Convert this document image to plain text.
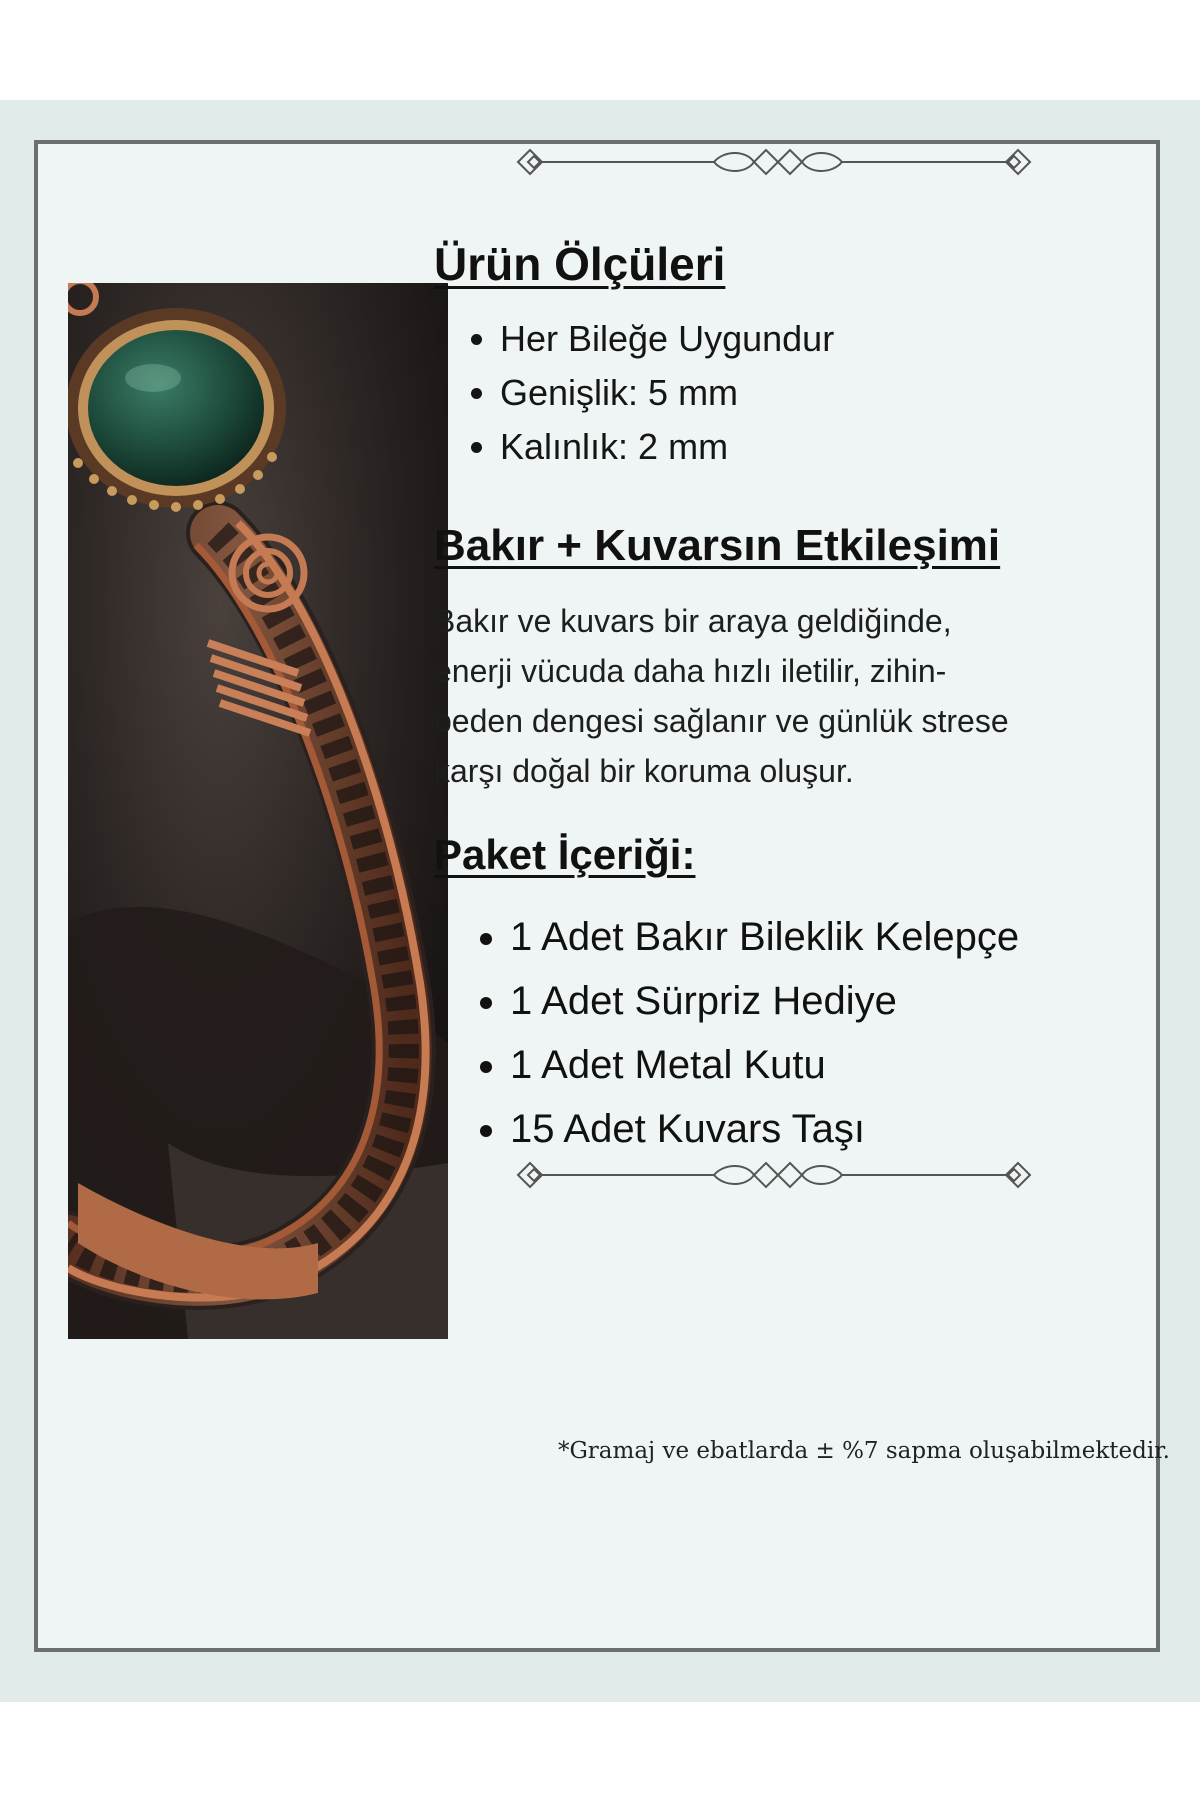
Ürün Ölçüleri
• Her Bileğe Uygundur
• Genişlik: 5 mm
• Kalınlık: 2 mm
Bakır + Kuvarsın Etkileşimi

Bakır ve kuvars bir araya geldiğinde,
enerji vücuda daha hızlı iletilir, zihin-
beden dengesi sağlanır ve günlük strese
karşı doğal bir koruma oluşur.

Paket İçeriği:
• 1 Adet Bakır Bileklik Kelepçe
• 1 Adet Sürpriz Hediye
• 1 Adet Metal Kutu
• 15 Adet Kuvars Taşı
*Gramaj ve ebatlarda ± %7 sapma oluşabilmektedir.
